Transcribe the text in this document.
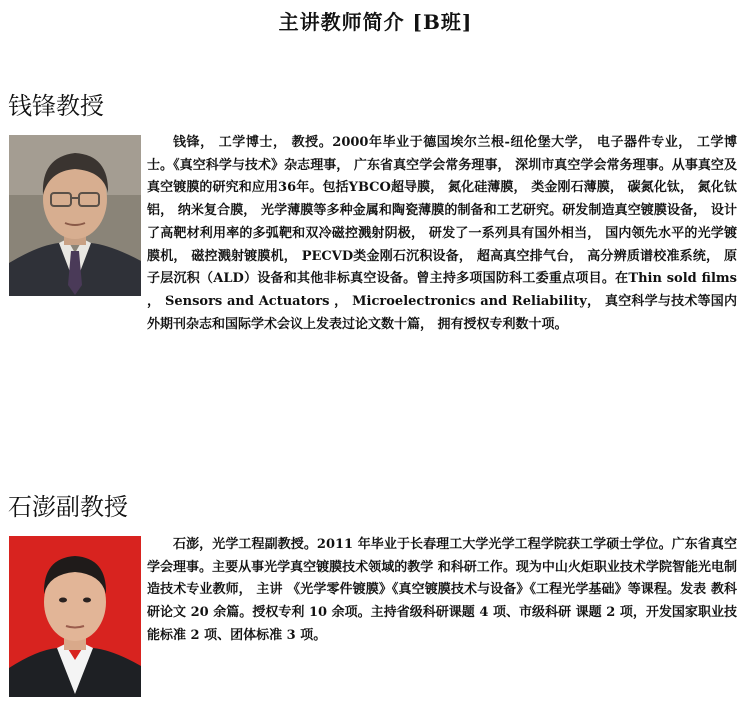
主讲教师简介 [B班]
钱锋教授

钱锋， 工学博士， 教授。2000年毕业于德国埃尔兰根-纽伦堡大学， 电子器件专业， 工学博士。《真空科学与技术》杂志理事， 广东省真空学会常务理事， 深圳市真空学会常务理事。从事真空及真空镀膜的研究和应用36年。包括YBCO超导膜， 氮化硅薄膜， 类金刚石薄膜， 碳氮化钛， 氮化钛铝， 纳米复合膜， 光学薄膜等多种金属和陶瓷薄膜的制备和工艺研究。研发制造真空镀膜设备， 设计了高靶材利用率的多弧靶和双冷磁控溅射阴极， 研发了一系列具有国外相当， 国内领先水平的光学镀膜机， 磁控溅射镀膜机， PECVD类金刚石沉积设备， 超高真空排气台， 高分辨质谱校准系统， 原子层沉积（ALD）设备和其他非标真空设备。曾主持多项国防科工委重点项目。在Thin sold films ， Sensors and Actuators ， Microelectronics and Reliability， 真空科学与技术等国内外期刊杂志和国际学术会议上发表过论文数十篇， 拥有授权专利数十项。

石澎副教授

石澎，光学工程副教授。2011 年毕业于长春理工大学光学工程学院获工学硕士学位。广东省真空学会理事。主要从事光学真空镀膜技术领域的教学 和科研工作。现为中山火炬职业技术学院智能光电制造技术专业教师， 主讲 《光学零件镀膜》《真空镀膜技术与设备》《工程光学基础》等课程。发表 教科研论文 20 余篇。授权专利 10 余项。主持省级科研课题 4 项、市级科研 课题 2 项，开发国家职业技能标准 2 项、团体标准 3 项。
